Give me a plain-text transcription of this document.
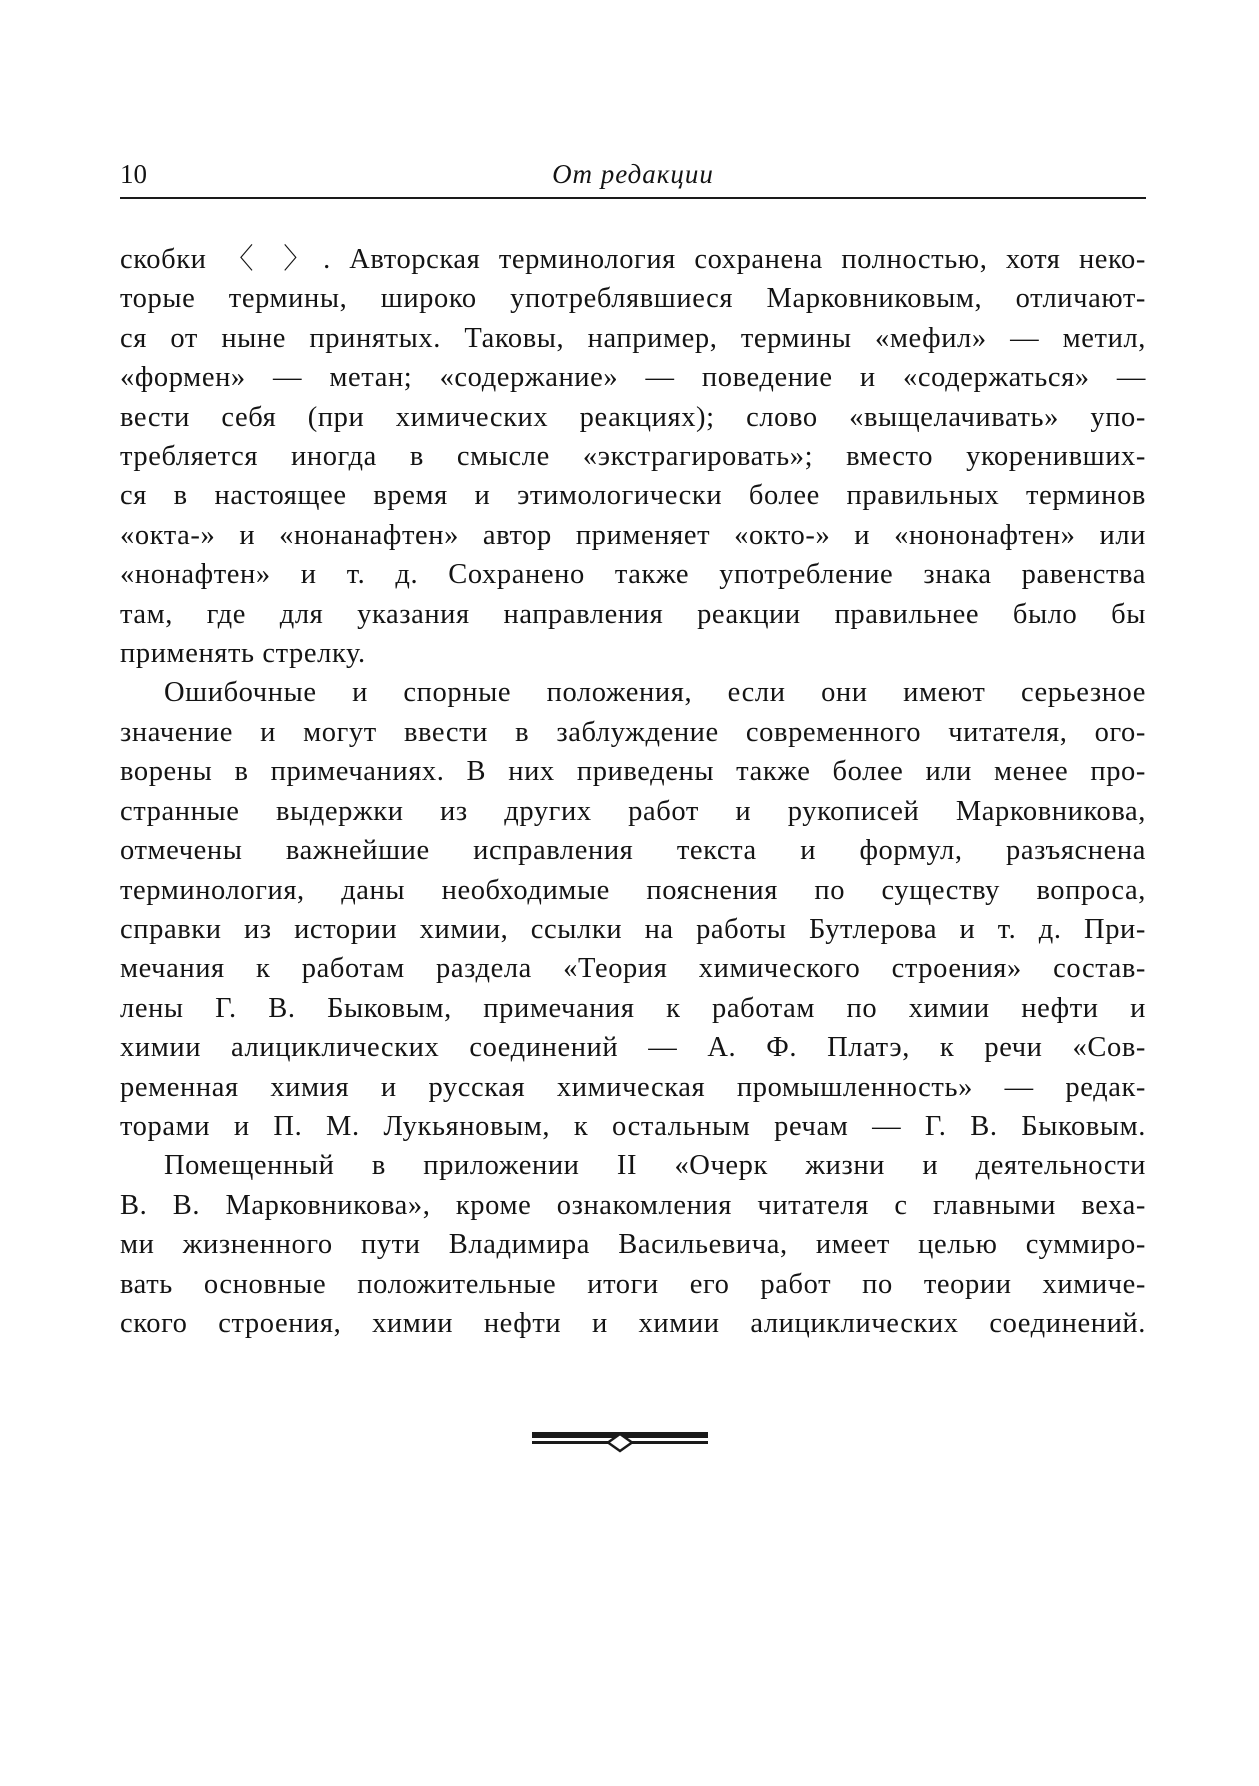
10	От редакции

скобки 〈 〉. Авторская терминология сохранена полностью, хотя неко-
торые термины, широко употреблявшиеся Марковниковым, отличают-
ся от ныне принятых. Таковы, например, термины «мефил» — метил,
«формен» — метан; «содержание» — поведение и «содержаться» —
вести себя (при химических реакциях); слово «выщелачивать» упо-
требляется иногда в смысле «экстрагировать»; вместо укоренивших-
ся в настоящее время и этимологически более правильных терминов
«окта-» и «нонанафтен» автор применяет «окто-» и «нононафтен» или
«нонафтен» и т. д. Сохранено также употребление знака равенства
там, где для указания направления реакции правильнее было бы
применять стрелку.

Ошибочные и спорные положения, если они имеют серьезное
значение и могут ввести в заблуждение современного читателя, ого-
ворены в примечаниях. В них приведены также более или менее про-
странные выдержки из других работ и рукописей Марковникова,
отмечены важнейшие исправления текста и формул, разъяснена
терминология, даны необходимые пояснения по существу вопроса,
справки из истории химии, ссылки на работы Бутлерова и т. д. При-
мечания к работам раздела «Теория химического строения» состав-
лены Г. В. Быковым, примечания к работам по химии нефти и
химии алициклических соединений — А. Ф. Платэ, к речи «Сов-
ременная химия и русская химическая промышленность» — редак-
торами и П. М. Лукьяновым, к остальным речам — Г. В. Быковым.

Помещенный в приложении II «Очерк жизни и деятельности
В. В. Марковникова», кроме ознакомления читателя с главными веха-
ми жизненного пути Владимира Васильевича, имеет целью суммиро-
вать основные положительные итоги его работ по теории химиче-
ского строения, химии нефти и химии алициклических соединений.
